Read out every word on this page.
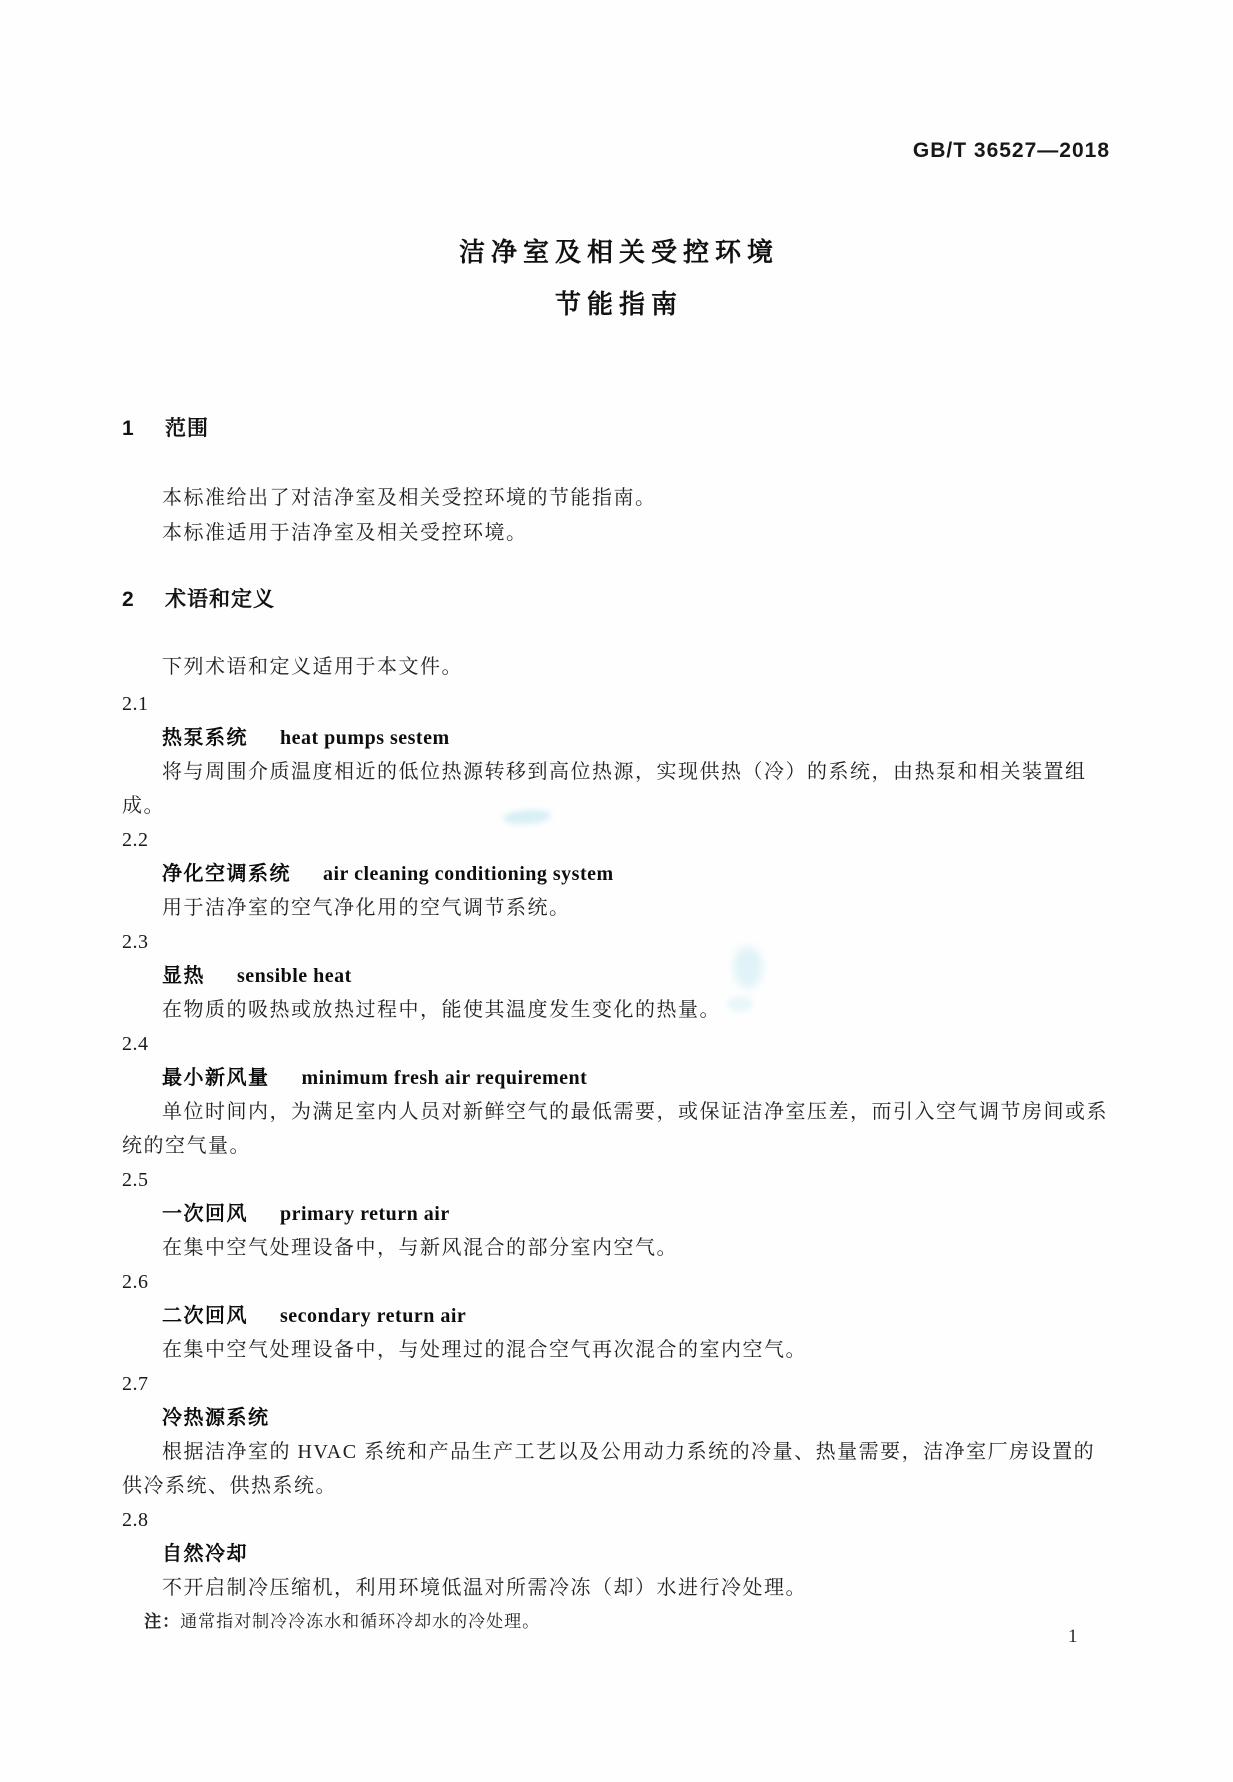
GB/T 36527—2018
洁净室及相关受控环境
节能指南
1 范围

本标准给出了对洁净室及相关受控环境的节能指南。

本标准适用于洁净室及相关受控环境。

2 术语和定义

下列术语和定义适用于本文件。

2.1
热泵系统 heat pumps sestem

将与周围介质温度相近的低位热源转移到高位热源，实现供热（冷）的系统，由热泵和相关装置组成。

2.2
净化空调系统 air cleaning conditioning system

用于洁净室的空气净化用的空气调节系统。

2.3
显热 sensible heat

在物质的吸热或放热过程中，能使其温度发生变化的热量。

2.4
最小新风量 minimum fresh air requirement

单位时间内，为满足室内人员对新鲜空气的最低需要，或保证洁净室压差，而引入空气调节房间或系统的空气量。

2.5
一次回风 primary return air

在集中空气处理设备中，与新风混合的部分室内空气。

2.6
二次回风 secondary return air

在集中空气处理设备中，与处理过的混合空气再次混合的室内空气。

2.7
冷热源系统

根据洁净室的 HVAC 系统和产品生产工艺以及公用动力系统的冷量、热量需要，洁净室厂房设置的供冷系统、供热系统。

2.8
自然冷却

不开启制冷压缩机，利用环境低温对所需冷冻（却）水进行冷处理。

注：通常指对制冷冷冻水和循环冷却水的冷处理。

1
